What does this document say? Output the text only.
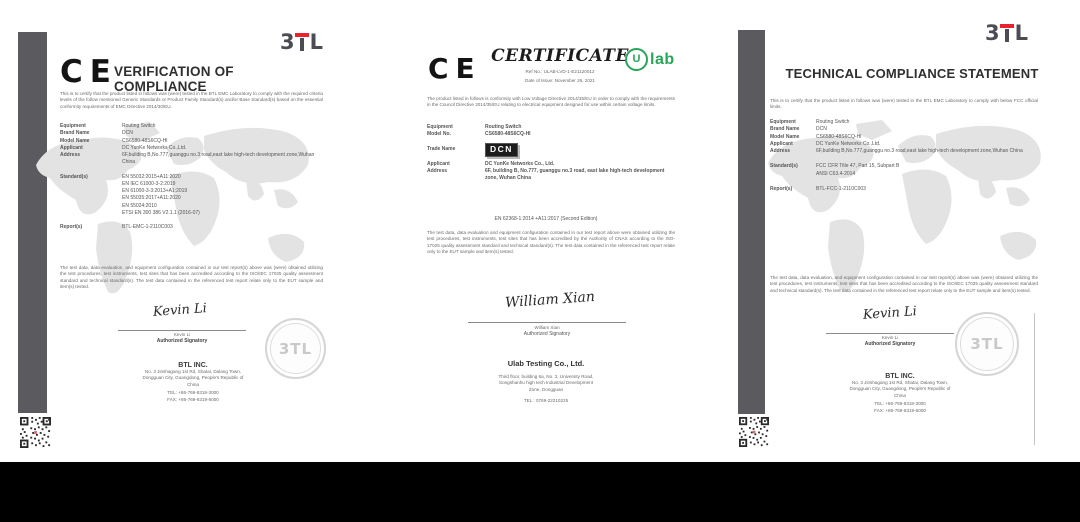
3 L
CE
VERIFICATION OF COMPLIANCE

This is to certify that the product listed in follows was (were) tested in the BTL EMC Laboratory to comply with the required criteria levels of the follow mentioned Generic Standards or Product Family Standard(s) and/or Base Standard(s) based on the essential conformity requirements of EMC Directive 2014/30/EU.

Equipment	Routing Switch
Brand Name	DCN
Model Name	CS6580-48S6CQ-HI
Applicant	DC YunKe Networks Co.,Ltd.
Address	6F,building B,No.777,guanggu no.3 road,east lake high-tech development zone,Wuhan China
Standard(s)	EN 55032:2015+A11:2020
EN IEC 61000-3-2:2019
EN 61000-3-3:2013+A1:2019
EN 55035:2017+A11:2020
EN 55024:2010
ETSI EN 300 386 V2.1.1 (2016-07)
Report(s)	BTL-EMC-1-2110C003

The test data, data evaluation, and equipment configuration contained in our test report(s) above was (were) obtained utilizing the test procedures, test instruments, test sites that has been accredited according to the ISO/IEC 17025 quality assessment standard and technical standard(s). The test data contained in the referenced test report relate only to the EUT sample and item(s) tested.

Kevin Li
Kevin Li
Authorized Signatory	3TL
BTL INC.
No. 3 Jinshagang 1st Rd, Shatai, Dalang Town,
Dongguan City, Guangdong, People's Republic of
China
TEL: +86-769-8318-3000
FAX: +86-769-8319-6000
CE CERTIFICATE
Ref No.: ULAB-LVD-1-E21120012
Date of Issue: November 26, 2021
U lab

The product listed in follows is conformity with Low Voltage Directive 2014/35/EU in order to comply with the requirements in the Council Directive 2014/35/EU relating to electrical equipment designed for use within certain voltage limits.

Equipment	Routing Switch
Model No.	CS6580-48S6CQ-HI
Trade Name	DCN
Applicant	DC YunKe Networks Co., Ltd.
Address	6F, building B, No.777, guanggu no.3 road, east lake high-tech development zone, Wuhan China
EN 62368-1:2014 +A11:2017 (Second Edition)

The test data, data evaluation and equipment configuration contained in our test report above were obtained utilizing the test procedures, test instruments, test sites that has been accredited by the Authority of CNAS according to the ISO-17025 quality assessment standard and technical standard(s). The test data contained in the referenced test report relate only to the EUT sample and item(s) tested.

William Xian
William Xian
Authorized Signatory
Ulab Testing Co., Ltd.
Third floor, building 6a, No. 3, University Road,
Songshanhu high tech Industrial Development
Zone, Dongguan
TEL : 0769-22210225
3 L
TECHNICAL COMPLIANCE STATEMENT

This is to certify that the product listed in follows was (were) tested in the BTL EMC Laboratory to comply with below FCC official limits.

Equipment	Routing Switch
Brand Name	DCN
Model Name	CS6580-48S6CQ-HI
Applicant	DC YunKe Networks Co.,Ltd.
Address	6F,building B,No.777,guanggu no.3 road,east lake high-tech development zone,Wuhan China
Standard(s)	FCC CFR Title 47, Part 15, Subpart B
ANSI C63.4-2014
Report(s)	BTL-FCC-1-2110C003

The test data, data evaluation, and equipment configuration contained in our test report(s) above was (were) obtained utilizing the test procedures, test instruments, test sites that has been accredited according to the ISO/IEC 17025 quality assessment standard and technical standard(s). The test data contained in the referenced test report relate only to the EUT sample and item(s) tested.

Kevin Li
Kevin Li
Authorized Signatory	3TL
BTL INC.
No. 3 Jinshagang 1st Rd, Shatai, Dalang Town,
Dongguan City, Guangdong, People's Republic of
China
TEL: +86-769-8318-3000
FAX: +86-769-8319-6000
